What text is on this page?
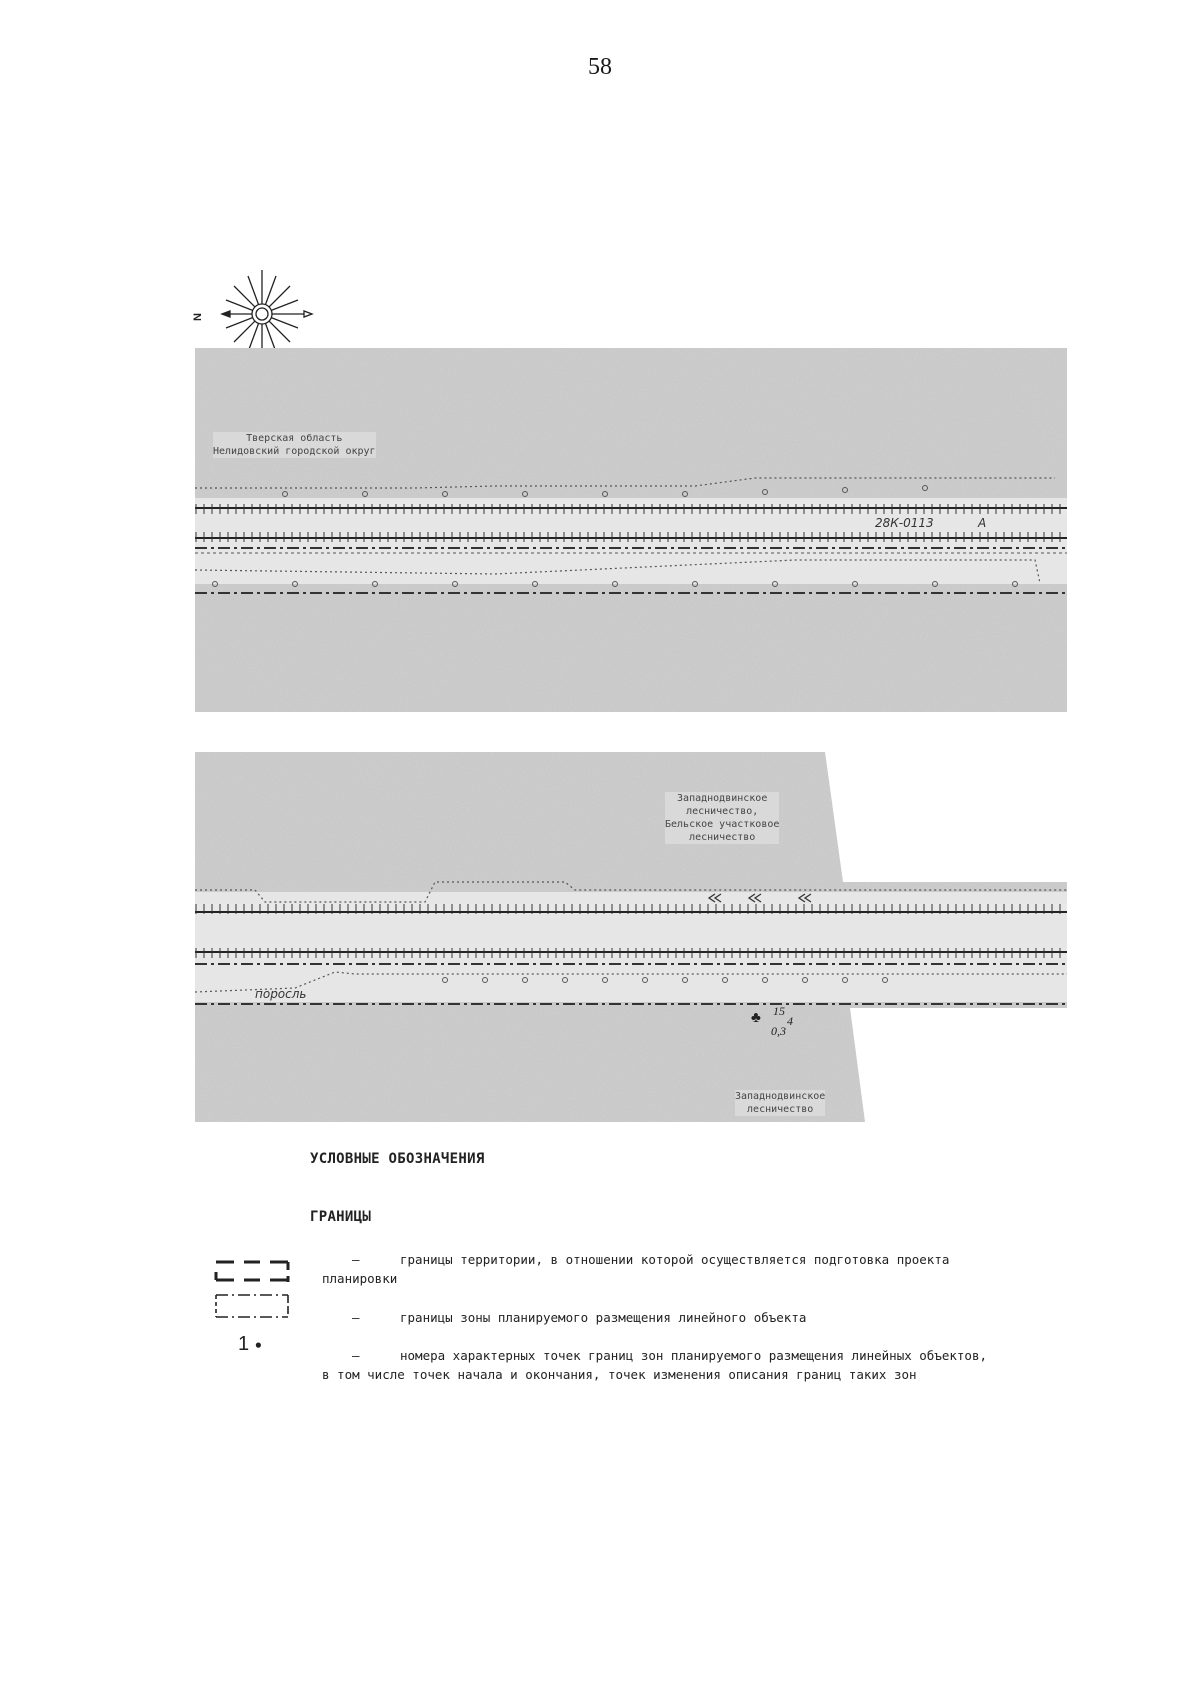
58
N
Тверская область
Нелидовский городской округ
28К-0113	А
Западнодвинское
лесничество,
Бельское участковое
лесничество
поросль
♣ 15
4
0,3
Западнодвинское
лесничество
УСЛОВНЫЕ ОБОЗНАЧЕНИЯ
ГРАНИЦЫ
–	границы территории, в отношении которой осуществляется подготовка проекта
планировки
–	границы зоны планируемого размещения линейного объекта
1 ●
–	номера характерных точек границ зон планируемого размещения линейных объектов,
в том числе точек начала и окончания, точек изменения описания границ таких зон
